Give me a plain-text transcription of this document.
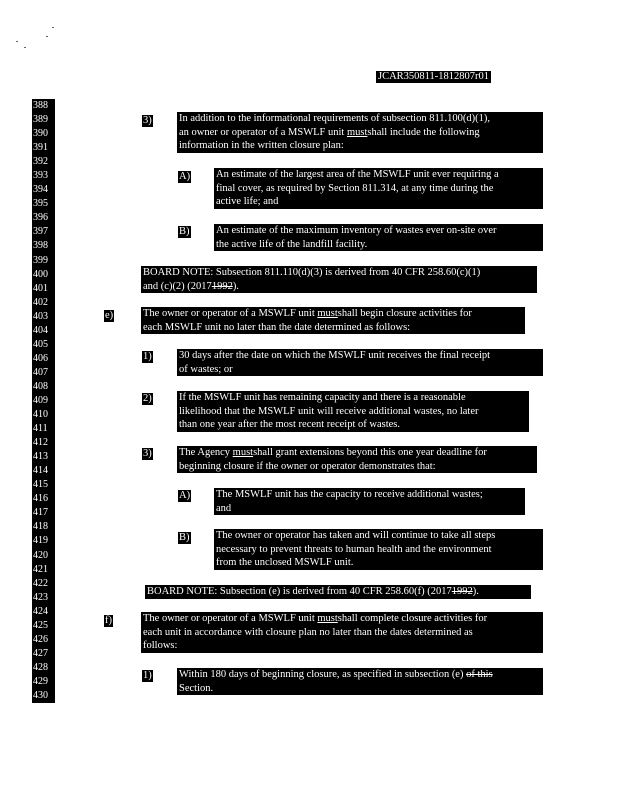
JCAR350811-1812807r01
388
389
390
391
392
393
394
395
396
397
398
399
400
401
402
403
404
405
406
407
408
409
410
411
412
413
414
415
416
417
418
419
420
421
422
423
424
425
426
427
428
429
430
3)	In addition to the informational requirements of subsection 811.100(d)(1),
an owner or operator of a MSWLF unit mustshall include the following
information in the written closure plan:
A) An estimate of the largest area of the MSWLF unit ever requiring a
final cover, as required by Section 811.314, at any time during the
active life; and
B)	An estimate of the maximum inventory of wastes ever on-site over
the active life of the landfill facility.
BOARD NOTE: Subsection 811.110(d)(3) is derived from 40 CFR 258.60(c)(1)
and (c)(2) (20171992).
e)	The owner or operator of a MSWLF unit mustshall begin closure activities for
each MSWLF unit no later than the date determined as follows:
1)	30 days after the date on which the MSWLF unit receives the final receipt
of wastes; or
2)	If the MSWLF unit has remaining capacity and there is a reasonable
likelihood that the MSWLF unit will receive additional wastes, no later
than one year after the most recent receipt of wastes.
3)	The Agency mustshall grant extensions beyond this one year deadline for
beginning closure if the owner or operator demonstrates that:
A) The MSWLF unit has the capacity to receive additional wastes;
and
B)	The owner or operator has taken and will continue to take all steps
necessary to prevent threats to human health and the environment
from the unclosed MSWLF unit.
BOARD NOTE: Subsection (e) is derived from 40 CFR 258.60(f) (20171992).
f)	The owner or operator of a MSWLF unit mustshall complete closure activities for
each unit in accordance with closure plan no later than the dates determined as
follows:
1)	Within 180 days of beginning closure, as specified in subsection (e) of this
Section.
